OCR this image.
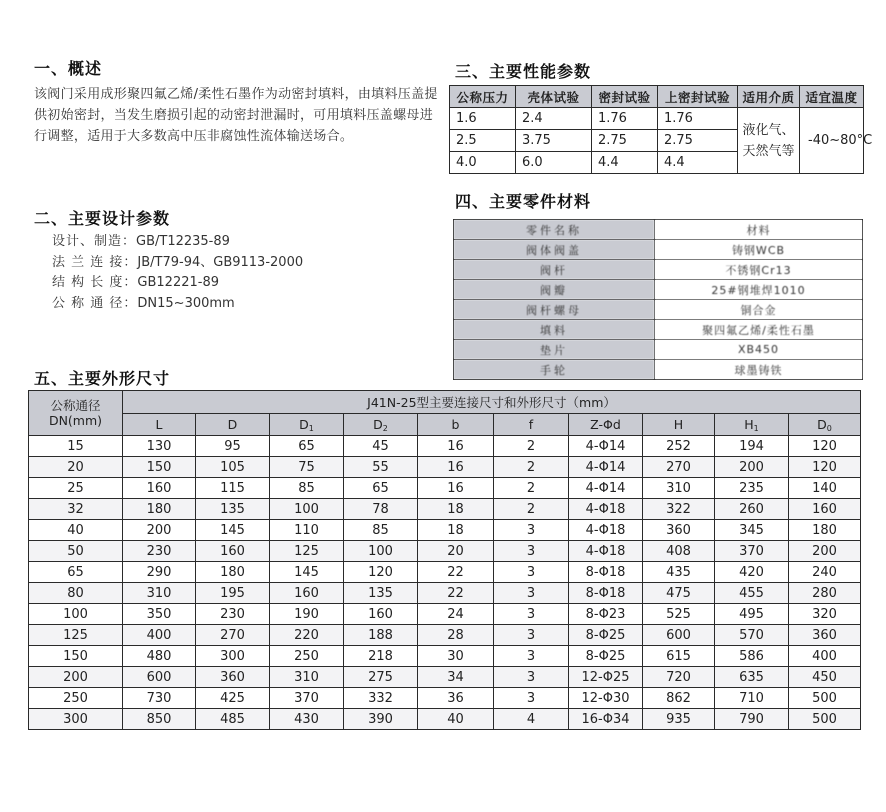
一、概述
二、主要设计参数
三、主要性能参数
四、主要零件材料
五、主要外形尺寸
该阀门采用成形聚四氟乙烯/柔性石墨作为动密封填料，由填料压盖提供初始密封，当发生磨损引起的动密封泄漏时，可用填料压盖螺母进行调整，适用于大多数高中压非腐蚀性流体输送场合。
设计、制造：GB/T12235-89
法 兰 连 接：JB/T79-94、GB9113-2000
结 构 长 度：GB12221-89
公 称 通 径：DN15~300mm
公称压力	壳体试验	密封试验	上密封试验	适用介质	适宜温度
1.6	2.4	1.76	1.76	液化气、天然气等	-40~80°C
2.5	3.75	2.75	2.75		
4.0	6.0	4.4	4.4		
零件名称	材料
阀体阀盖	铸钢WCB
阀杆	不锈钢Cr13
阀瓣	25#钢堆焊1010
阀杆螺母	铜合金
填料	聚四氟乙烯/柔性石墨
垫片	XB450
手轮	球墨铸铁
公称通径
DN(mm)	J41N-25型主要连接尺寸和外形尺寸（mm）									
	L	D	$D_1$	$D_2$	b	f	Z-Φd	H	$H_1$	$D_0$
15	130	95	65	45	16	2	4-Φ14	252	194	120
20	150	105	75	55	16	2	4-Φ14	270	200	120
25	160	115	85	65	16	2	4-Φ14	310	235	140
32	180	135	100	78	18	2	4-Φ18	322	260	160
40	200	145	110	85	18	3	4-Φ18	360	345	180
50	230	160	125	100	20	3	4-Φ18	408	370	200
65	290	180	145	120	22	3	8-Φ18	435	420	240
80	310	195	160	135	22	3	8-Φ18	475	455	280
100	350	230	190	160	24	3	8-Φ23	525	495	320
125	400	270	220	188	28	3	8-Φ25	600	570	360
150	480	300	250	218	30	3	8-Φ25	615	586	400
200	600	360	310	275	34	3	12-Φ25	720	635	450
250	730	425	370	332	36	3	12-Φ30	862	710	500
300	850	485	430	390	40	4	16-Φ34	935	790	500
